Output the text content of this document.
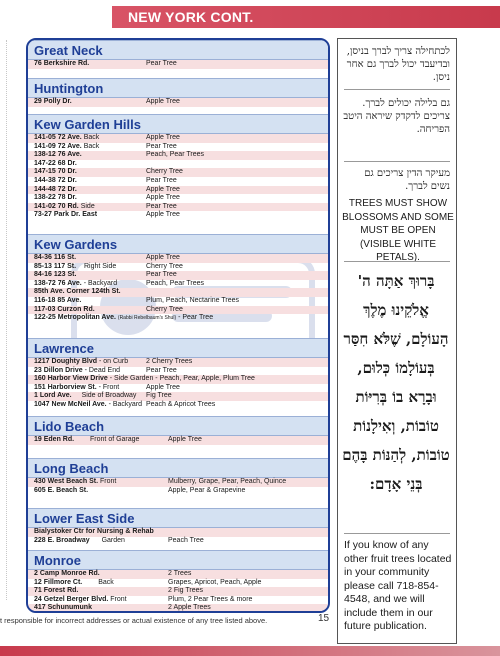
NEW YORK CONT.
Great Neck
76 Berkshire Rd.	Pear Tree
Huntington
29 Polly Dr.	Apple Tree
Kew Garden Hills
141-05 72 Ave. Back	Apple Tree
141-09 72 Ave. Back	Pear Tree
138-12 76 Ave.	Peach, Pear Trees
147-22 68 Dr.
147-15 70 Dr.	Cherry Tree
144-38 72 Dr.	Pear Tree
144-48 72 Dr.	Apple Tree
138-22 78 Dr.	Apple Tree
141-02 70 Rd. Side	Pear Tree
73-27 Park Dr. East	Apple Tree
Kew Gardens
84-36 116 St.	Apple Tree
85-13 117 St. Right Side	Cherry Tree
84-16 123 St.	Pear Tree
138-72 76 Ave. - Backyard	Peach, Pear Trees
85th Ave. Corner 124th St.
116-18 85 Ave.	Plum, Peach, Nectarine Trees
117-03 Curzon Rd.	Cherry Tree
122-25 Metropolitan Ave. (Rabbi Rebelbaum's Shul) - Pear Tree
Lawrence
1217 Doughty Blvd - on Curb	2 Cherry Trees
23 Dillon Drive - Dead End	Pear Tree
160 Harbor View Drive - Side Garden - Peach, Pear, Apple, Plum Tree
151 Harborview St. - Front	Apple Tree
1 Lord Ave. Side of Broadway Fig Tree
1047 New McNeil Ave. - Backyard Peach & Apricot Trees
Lido Beach
19 Eden Rd. Front of Garage	Apple Tree
Long Beach
430 West Beach St. Front	Mulberry, Grape, Pear, Peach, Quince
605 E. Beach St.	Apple, Pear & Grapevine
Lower East Side
Bialystoker Ctr for Nursing & Rehab
228 E. Broadway Garden	Peach Tree
Monroe
2 Camp Monroe Rd.	2 Trees
12 Fillmore Ct. Back	Grapes, Apricot, Peach, Apple
71 Forest Rd.	2 Fig Trees
24 Getzel Berger Blvd. Front	Plum, 2 Pear Trees & more
417 Schunumunk	2 Apple Trees
לכתחילה צריך לברך בניסן, ובדיעבד יכול לברך גם אחר ניסן.
גם בלילה יכולים לברך.
צריכים לדקדק שיראה היטב הפריחה.
מעיקר הדין צריכים גם נשים לברך.
TREES MUST SHOW BLOSSOMS AND SOME MUST BE OPEN (VISIBLE WHITE PETALS).
בָּרוּךְ אַתָּה ה' אֱלֹקֵינוּ מֶלֶךְ הָעוֹלָם, שֶׁלֹּא חִסַּר בְּעוֹלָמוֹ כְּלוּם, וּבָרָא בוֹ בְּרִיּוֹת טוֹבוֹת, וְאִילָנוֹת טוֹבוֹת, לְהַנּוֹת בָּהֶם בְּנֵי אָדָם:
If you know of any other fruit trees located in your community please call 718-854-4548, and we will include them in our future publication.
t responsible for incorrect addresses or actual existence of any tree listed above.	15
